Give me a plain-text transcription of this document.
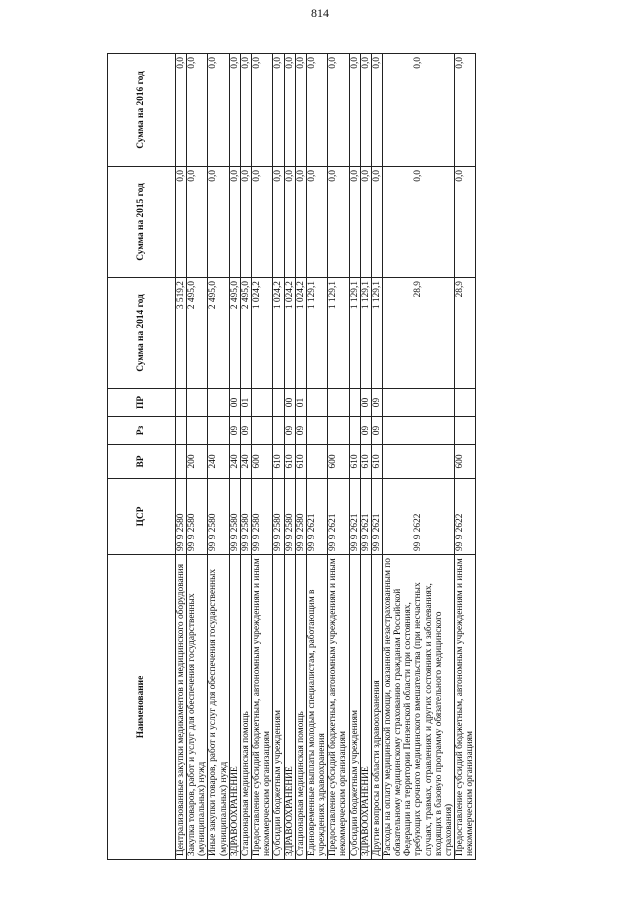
814
Наименование	ЦСР	ВР	Рз	ПР	Сумма на 2014 год	Сумма на 2015 год	Сумма на 2016 год
Централизованные закупки медикаментов и медицинского оборудования	99 9 2580				3 519,2	0,0	0,0
Закупка товаров, работ и услуг для обеспечения государственных (муниципальных) нужд	99 9 2580	200			2 495,0	0,0	0,0
Иные закупки товаров, работ и услуг для обеспечения государственных (муниципальных) нужд	99 9 2580	240			2 495,0	0,0	0,0
ЗДРАВООХРАНЕНИЕ	99 9 2580	240	09	00	2 495,0	0,0	0,0
Стационарная медицинская помощь	99 9 2580	240	09	01	2 495,0	0,0	0,0
Предоставление субсидий бюджетным, автономным учреждениям и иным некоммерческим организациям	99 9 2580	600			1 024,2	0,0	0,0
Субсидии бюджетным учреждениям	99 9 2580	610			1 024,2	0,0	0,0
ЗДРАВООХРАНЕНИЕ	99 9 2580	610	09	00	1 024,2	0,0	0,0
Стационарная медицинская помощь	99 9 2580	610	09	01	1 024,2	0,0	0,0
Единовременные выплаты молодым специалистам, работающим в учреждениях здравоохранения	99 9 2621				1 129,1	0,0	0,0
Предоставление субсидий бюджетным, автономным учреждениям и иным некоммерческим организациям	99 9 2621	600			1 129,1	0,0	0,0
Субсидии бюджетным учреждениям	99 9 2621	610			1 129,1	0,0	0,0
ЗДРАВООХРАНЕНИЕ	99 9 2621	610	09	00	1 129,1	0,0	0,0
Другие вопросы в области здравоохранения	99 9 2621	610	09	09	1 129,1	0,0	0,0
Расходы на оплату медицинской помощи, оказанной незастрахованным по обязательному медицинскому страхованию гражданам Российской Федерации на территории Пензенской области при состояниях, требующих срочного медицинского вмешательства (при несчастных случаях, травмах, отравлениях и других состояниях и заболеваниях, входящих в базовую программу обязательного медицинского страхования)	99 9 2622				28,9	0,0	0,0
Предоставление субсидий бюджетным, автономным учреждениям и иным некоммерческим организациям	99 9 2622	600			28,9	0,0	0,0
